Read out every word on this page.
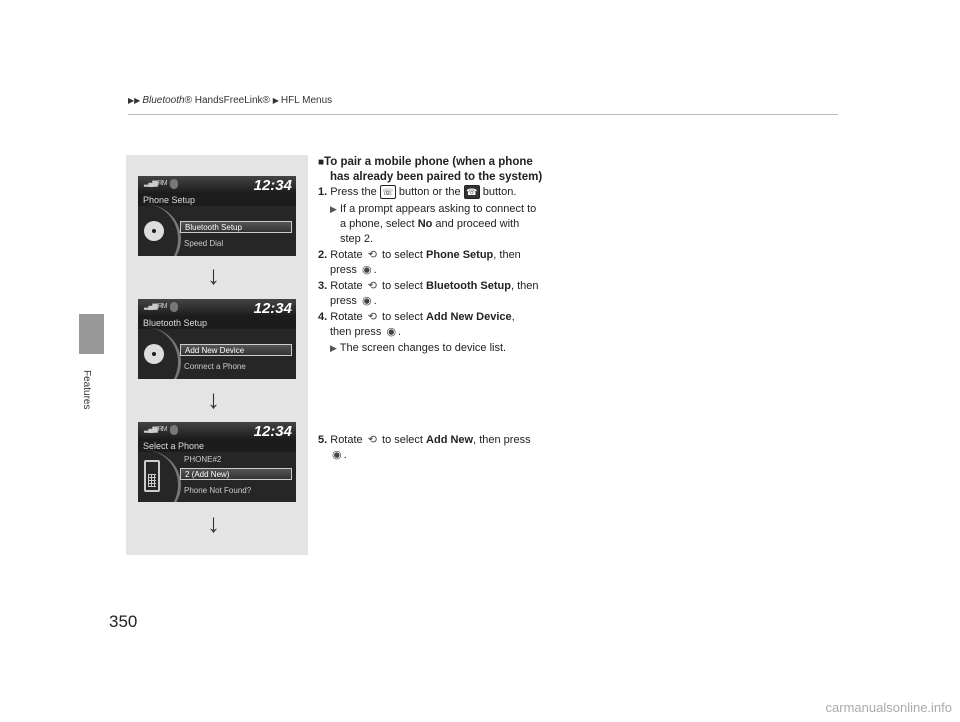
▶▶ Bluetooth® HandsFreeLink® ▶ HFL Menus
Features
350
▂▄▆ RM	12:34
Phone Setup
Bluetooth Setup
Speed Dial
↓
▂▄▆ RM	12:34
Bluetooth Setup
Add New Device
Connect a Phone
↓
▂▄▆ RM	12:34
Select a Phone
PHONE#2
2 (Add New)
Phone Not Found?
↓
■To pair a mobile phone (when a phone
has already been paired to the system)
1. Press the ☏ button or the ☎ button.
▶ If a prompt appears asking to connect to
a phone, select No and proceed with
step 2.
2. Rotate ⟲ to select Phone Setup, then
press ◉ .
3. Rotate ⟲ to select Bluetooth Setup, then
press ◉ .
4. Rotate ⟲ to select Add New Device,
then press ◉ .
▶ The screen changes to device list.
5. Rotate ⟲ to select Add New, then press
◉ .
carmanualsonline.info
